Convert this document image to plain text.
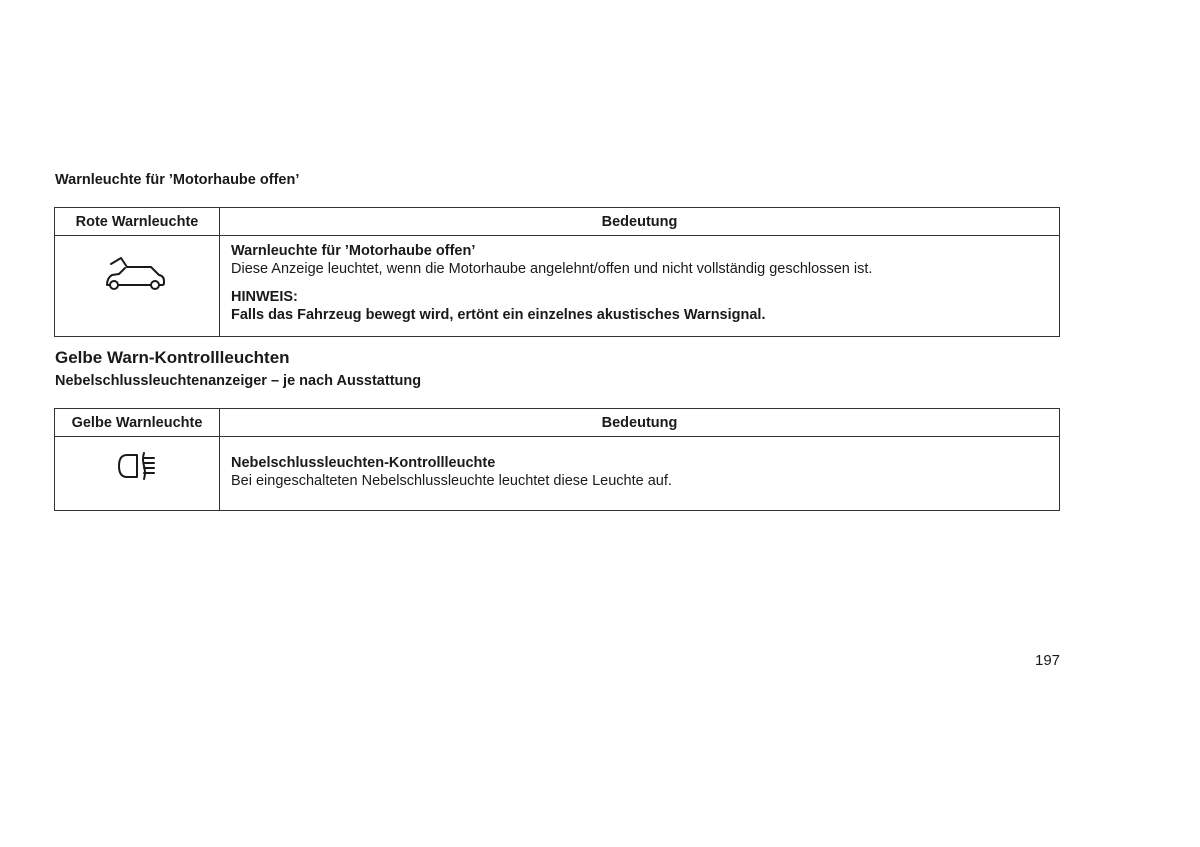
Warnleuchte für ’Motorhaube offen’
Rote Warnleuchte	Bedeutung

Warnleuchte für ’Motorhaube offen’
Diese Anzeige leuchtet, wenn die Motorhaube angelehnt/offen und nicht vollständig geschlossen ist.
HINWEIS:
Falls das Fahrzeug bewegt wird, ertönt ein einzelnes akustisches Warnsignal.
Gelbe Warn-Kontrollleuchten
Nebelschlussleuchtenanzeiger – je nach Ausstattung
Gelbe Warnleuchte	Bedeutung

Nebelschlussleuchten-Kontrollleuchte
Bei eingeschalteten Nebelschlussleuchte leuchtet diese Leuchte auf.
197
